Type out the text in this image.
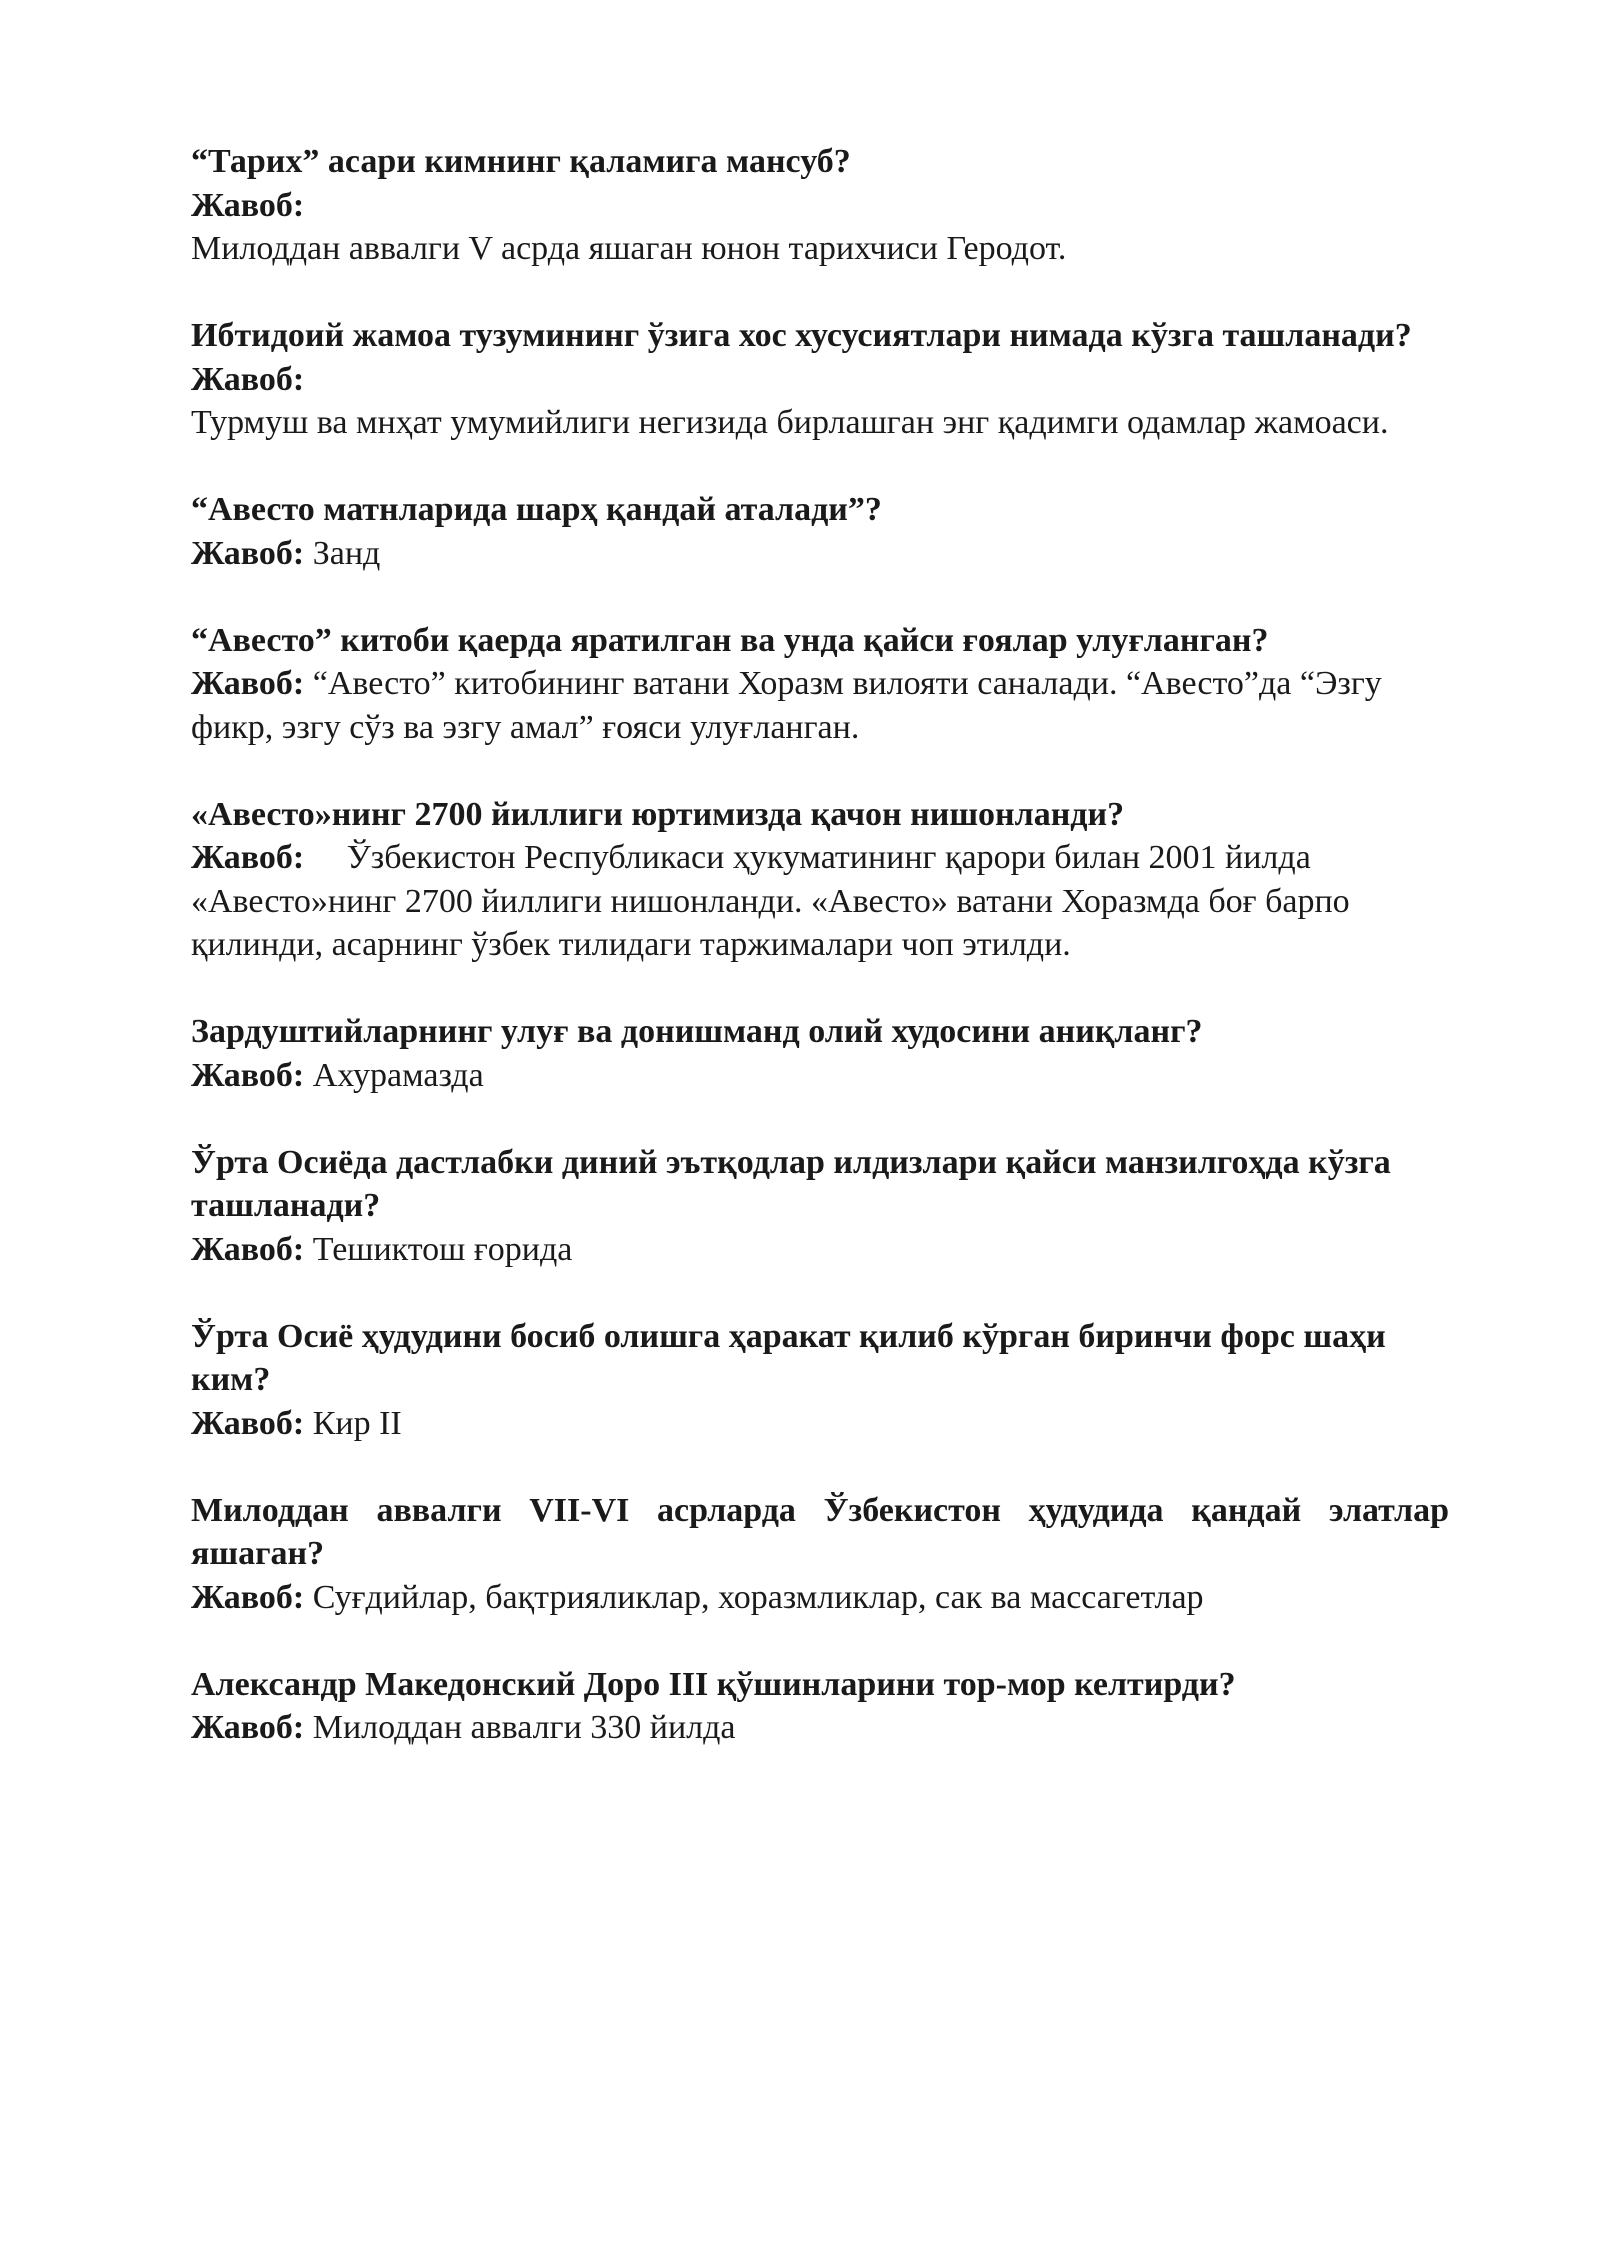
“Тарих” асари кимнинг қаламига мансуб?

Жавоб:

Милоддан аввалги V асрда яшаган юнон тарихчиси Геродот.

Ибтидоий жамоа тузумининг ўзига хос хусусиятлари нимада кўзга ташланади?

Жавоб:

Турмуш ва мнҳат умумийлиги негизида бирлашган энг қадимги одамлар жамоаси.

“Авесто матнларида шарҳ қандай аталади”?

Жавоб: Занд

“Авесто” китоби қаерда яратилган ва унда қайси ғоялар улуғланган?

Жавоб: “Авесто” китобининг ватани Хоразм вилояти саналади. “Авесто”да “Эзгу фикр, эзгу сўз ва эзгу амал” ғояси улуғланган.

«Авесто»нинг 2700 йиллиги юртимизда қачон нишонланди?

Жавоб: Ўзбекистон Республикаси ҳукуматининг қарори билан 2001 йилда «Авесто»нинг 2700 йиллиги нишонланди. «Авесто» ватани Хоразмда боғ барпо қилинди, асарнинг ўзбек тилидаги таржималари чоп этилди.

Зардуштийларнинг улуғ ва донишманд олий худосини аниқланг?

Жавоб: Ахурамазда

Ўрта Осиёда дастлабки диний эътқодлар илдизлари қайси манзилгоҳда кўзга ташланади?

Жавоб: Тешиктош ғорида

Ўрта Осиё ҳудудини босиб олишга ҳаракат қилиб кўрган биринчи форс шаҳи ким?

Жавоб: Кир II

Милоддан аввалги VII-VI асрларда Ўзбекистон ҳудудида қандай элатлар яшаган?

Жавоб: Суғдийлар, бақтрияликлар, хоразмликлар, сак ва массагетлар

Александр Македонский Доро III қўшинларини тор-мор келтирди?

Жавоб: Милоддан аввалги 330 йилда
